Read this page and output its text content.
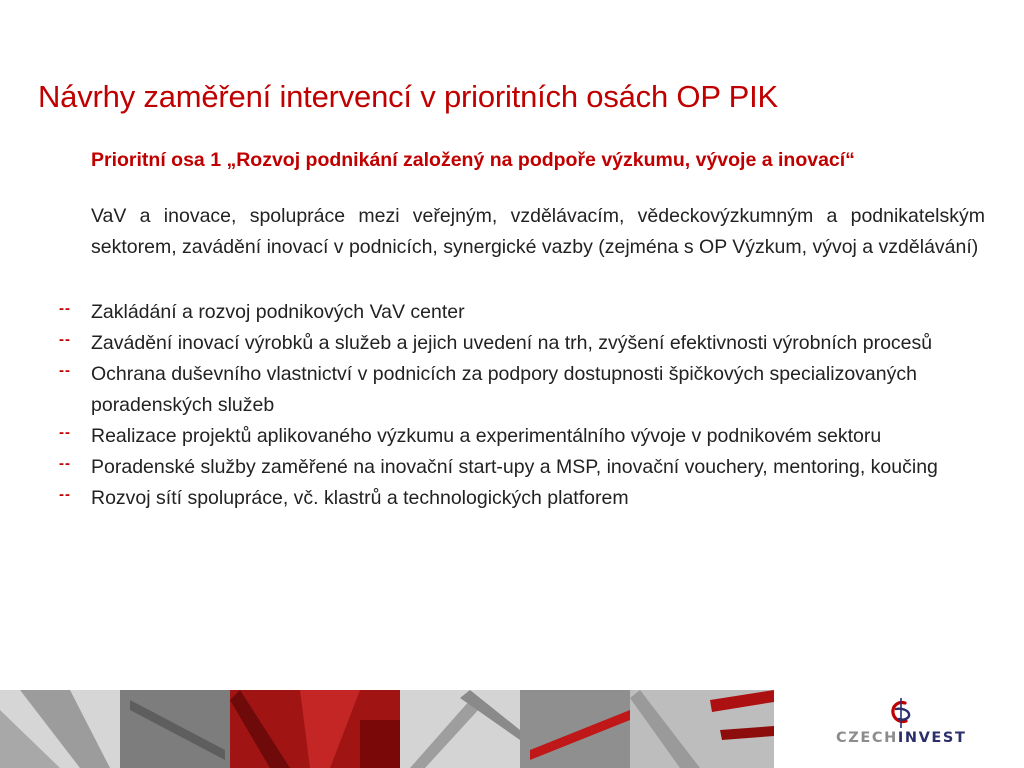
Návrhy zaměření intervencí v prioritních osách OP PIK

Prioritní osa 1 „Rozvoj podnikání založený na podpoře výzkumu, vývoje a inovací“

VaV a inovace, spolupráce mezi veřejným, vzdělávacím, vědeckovýzkumným a podnikatelským sektorem, zavádění inovací v podnicích, synergické vazby (zejména s OP Výzkum, vývoj a vzdělávání)

--	Zakládání a rozvoj podnikových VaV center
--	Zavádění inovací výrobků a služeb a jejich uvedení na trh, zvýšení efektivnosti výrobních procesů
--	Ochrana duševního vlastnictví v podnicích za podpory dostupnosti špičkových specializovaných poradenských služeb
--	Realizace projektů aplikovaného výzkumu a experimentálního vývoje v podnikovém sektoru
--	Poradenské služby zaměřené na inovační start-upy a MSP, inovační vouchery, mentoring, koučing
--	Rozvoj sítí spolupráce, vč. klastrů a technologických platforem
CZECHINVEST
